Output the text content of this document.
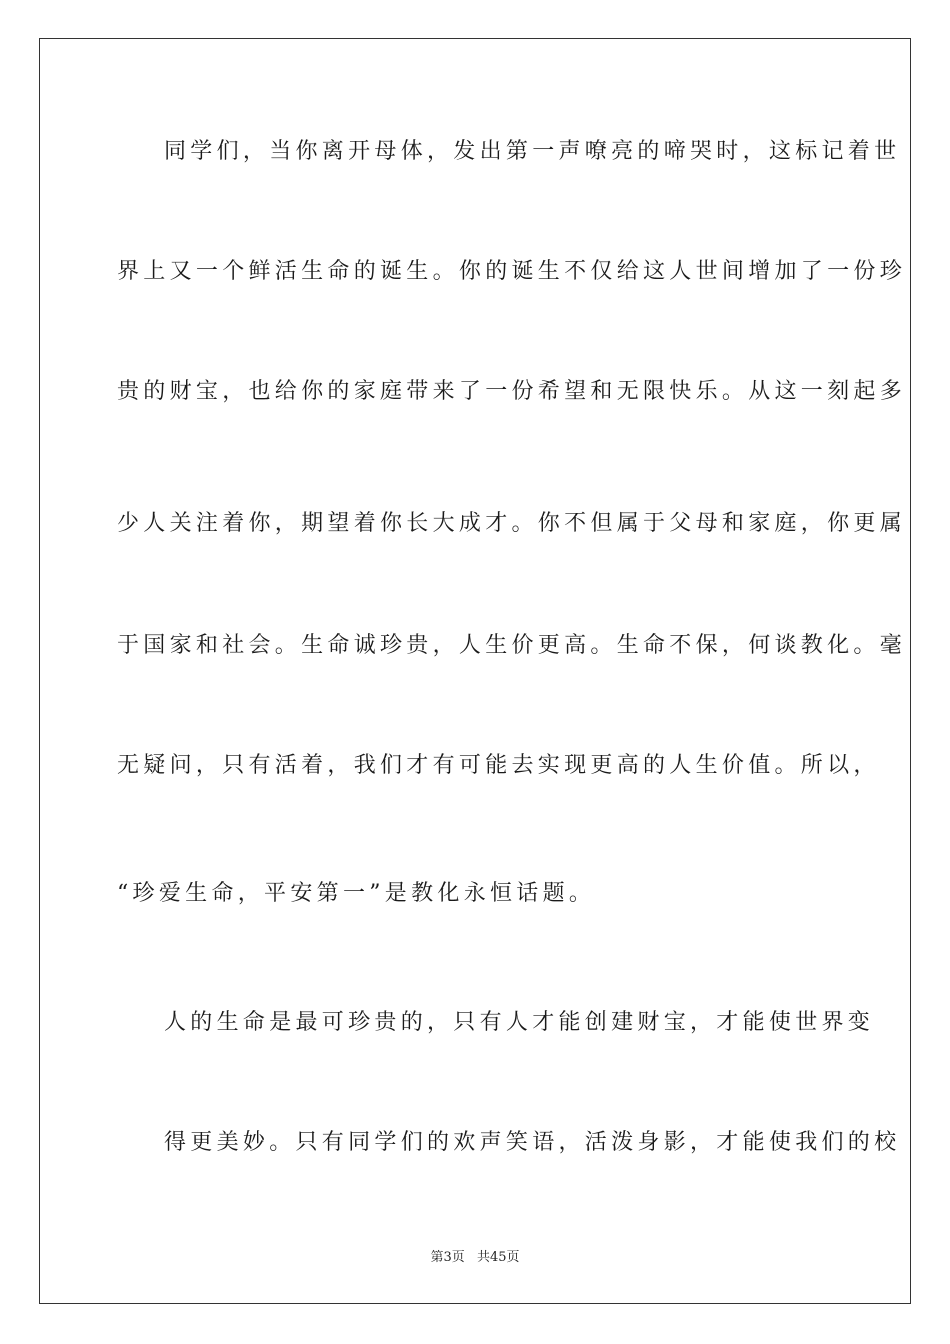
同学们，当你离开母体，发出第一声嘹亮的啼哭时，这标记着世
界上又一个鲜活生命的诞生。你的诞生不仅给这人世间增加了一份珍
贵的财宝，也给你的家庭带来了一份希望和无限快乐。从这一刻起多
少人关注着你，期望着你长大成才。你不但属于父母和家庭，你更属
于国家和社会。生命诚珍贵，人生价更高。生命不保，何谈教化。毫
无疑问，只有活着，我们才有可能去实现更高的人生价值。所以，
“珍爱生命，平安第一”是教化永恒话题。
人的生命是最可珍贵的，只有人才能创建财宝，才能使世界变
得更美妙。只有同学们的欢声笑语，活泼身影，才能使我们的校
第3页 共45页
